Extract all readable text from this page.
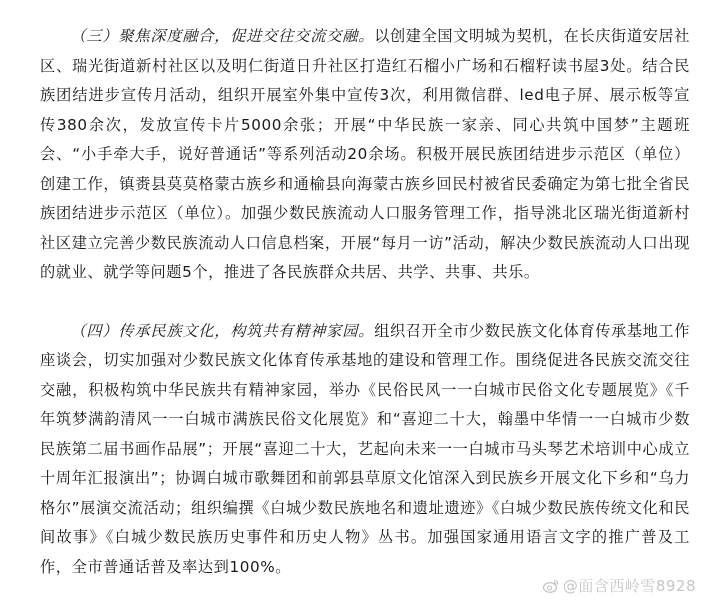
（三）聚焦深度融合，促进交往交流交融。以创建全国文明城为契机，在长庆街道安居社区、瑞光街道新村社区以及明仁街道日升社区打造红石榴小广场和石榴籽读书屋3处。结合民族团结进步宣传月活动，组织开展室外集中宣传3次，利用微信群、led电子屏、展示板等宣传380余次，发放宣传卡片5000余张；开展“中华民族一家亲、同心共筑中国梦”主题班会、“小手牵大手，说好普通话”等系列活动20余场。积极开展民族团结进步示范区（单位）创建工作，镇赉县莫莫格蒙古族乡和通榆县向海蒙古族乡回民村被省民委确定为第七批全省民族团结进步示范区（单位）。加强少数民族流动人口服务管理工作，指导洮北区瑞光街道新村社区建立完善少数民族流动人口信息档案，开展“每月一访”活动，解决少数民族流动人口出现的就业、就学等问题5个，推进了各民族群众共居、共学、共事、共乐。

（四）传承民族文化，构筑共有精神家园。组织召开全市少数民族文化体育传承基地工作座谈会，切实加强对少数民族文化体育传承基地的建设和管理工作。围绕促进各民族交流交往交融，积极构筑中华民族共有精神家园，举办《民俗民风一一白城市民俗文化专题展览》《千年筑梦满韵清风一一白城市满族民俗文化展览》和“喜迎二十大，翰墨中华情一一白城市少数民族第二届书画作品展”；开展“喜迎二十大，艺起向未来一一白城市马头琴艺术培训中心成立十周年汇报演出”；协调白城市歌舞团和前郭县草原文化馆深入到民族乡开展文化下乡和“乌力格尔”展演交流活动；组织编撰《白城少数民族地名和遗址遗迹》《白城少数民族传统文化和民间故事》《白城少数民族历史事件和历史人物》丛书。加强国家通用语言文字的推广普及工作，全市普通话普及率达到100%。

@面含西岭雪8928
